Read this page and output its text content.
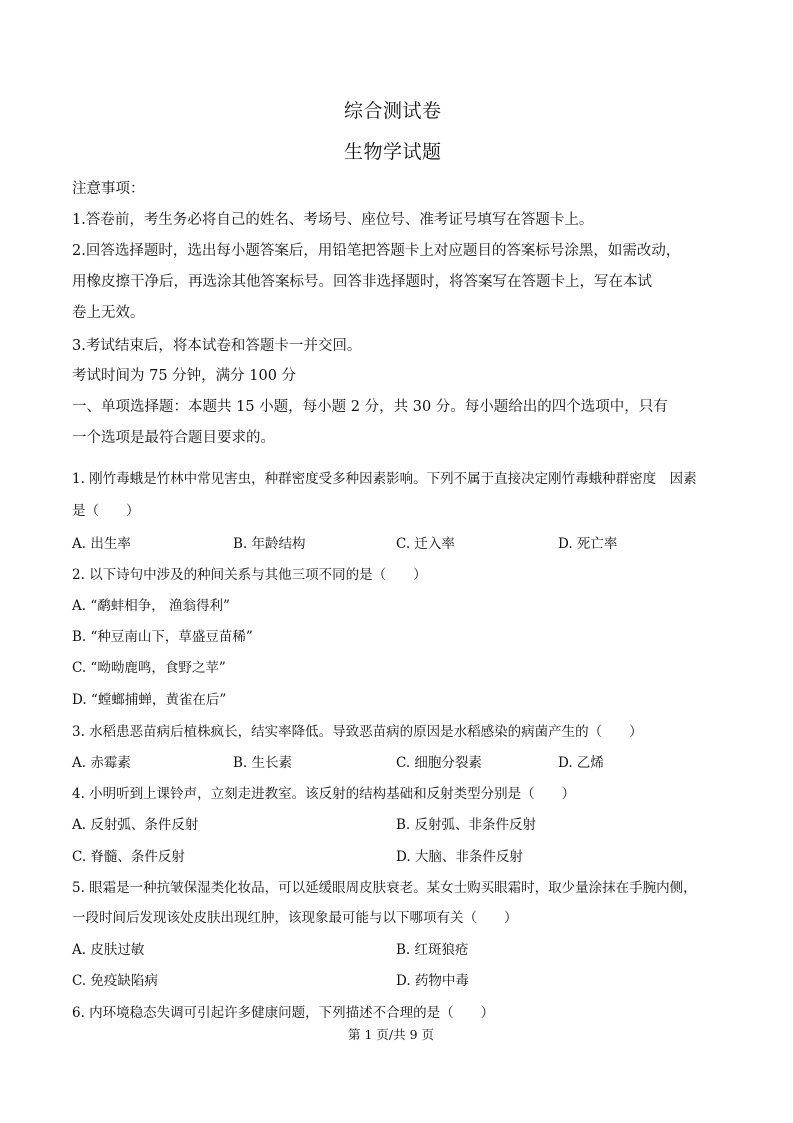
综合测试卷
生物学试题
注意事项：
1.答卷前，考生务必将自己的姓名、考场号、座位号、准考证号填写在答题卡上。
2.回答选择题时，选出每小题答案后，用铅笔把答题卡上对应题目的答案标号涂黑，如需改动，
用橡皮擦干净后，再选涂其他答案标号。回答非选择题时，将答案写在答题卡上，写在本试
卷上无效。
3.考试结束后，将本试卷和答题卡一并交回。
考试时间为 75 分钟，满分 100 分
一、单项选择题：本题共 15 小题，每小题 2 分，共 30 分。每小题给出的四个选项中，只有
一个选项是最符合题目要求的。
1. 刚竹毒蛾是竹林中常见害虫，种群密度受多种因素影响。下列不属于直接决定刚竹毒蛾种群密度　因素
是（　　）
A. 出生率	B. 年龄结构	C. 迁入率	D. 死亡率
2. 以下诗句中涉及的种间关系与其他三项不同的是（　　）
A. “鹬蚌相争， 渔翁得利”
B. “种豆南山下，草盛豆苗稀”
C. “呦呦鹿鸣，食野之苹”
D. “螳螂捕蝉，黄雀在后”
3. 水稻患恶苗病后植株疯长，结实率降低。导致恶苗病的原因是水稻感染的病菌产生的（　　）
A. 赤霉素	B. 生长素	C. 细胞分裂素	D. 乙烯
4. 小明听到上课铃声，立刻走进教室。该反射的结构基础和反射类型分别是（　　）
A. 反射弧、条件反射	B. 反射弧、非条件反射
C. 脊髓、条件反射	D. 大脑、非条件反射
5. 眼霜是一种抗皱保湿类化妆品，可以延缓眼周皮肤衰老。某女士购买眼霜时，取少量涂抹在手腕内侧，
一段时间后发现该处皮肤出现红肿，该现象最可能与以下哪项有关（　　）
A. 皮肤过敏	B. 红斑狼疮
C. 免疫缺陷病	D. 药物中毒
6. 内环境稳态失调可引起许多健康问题，下列描述不合理的是（　　）
第 1 页/共 9 页
